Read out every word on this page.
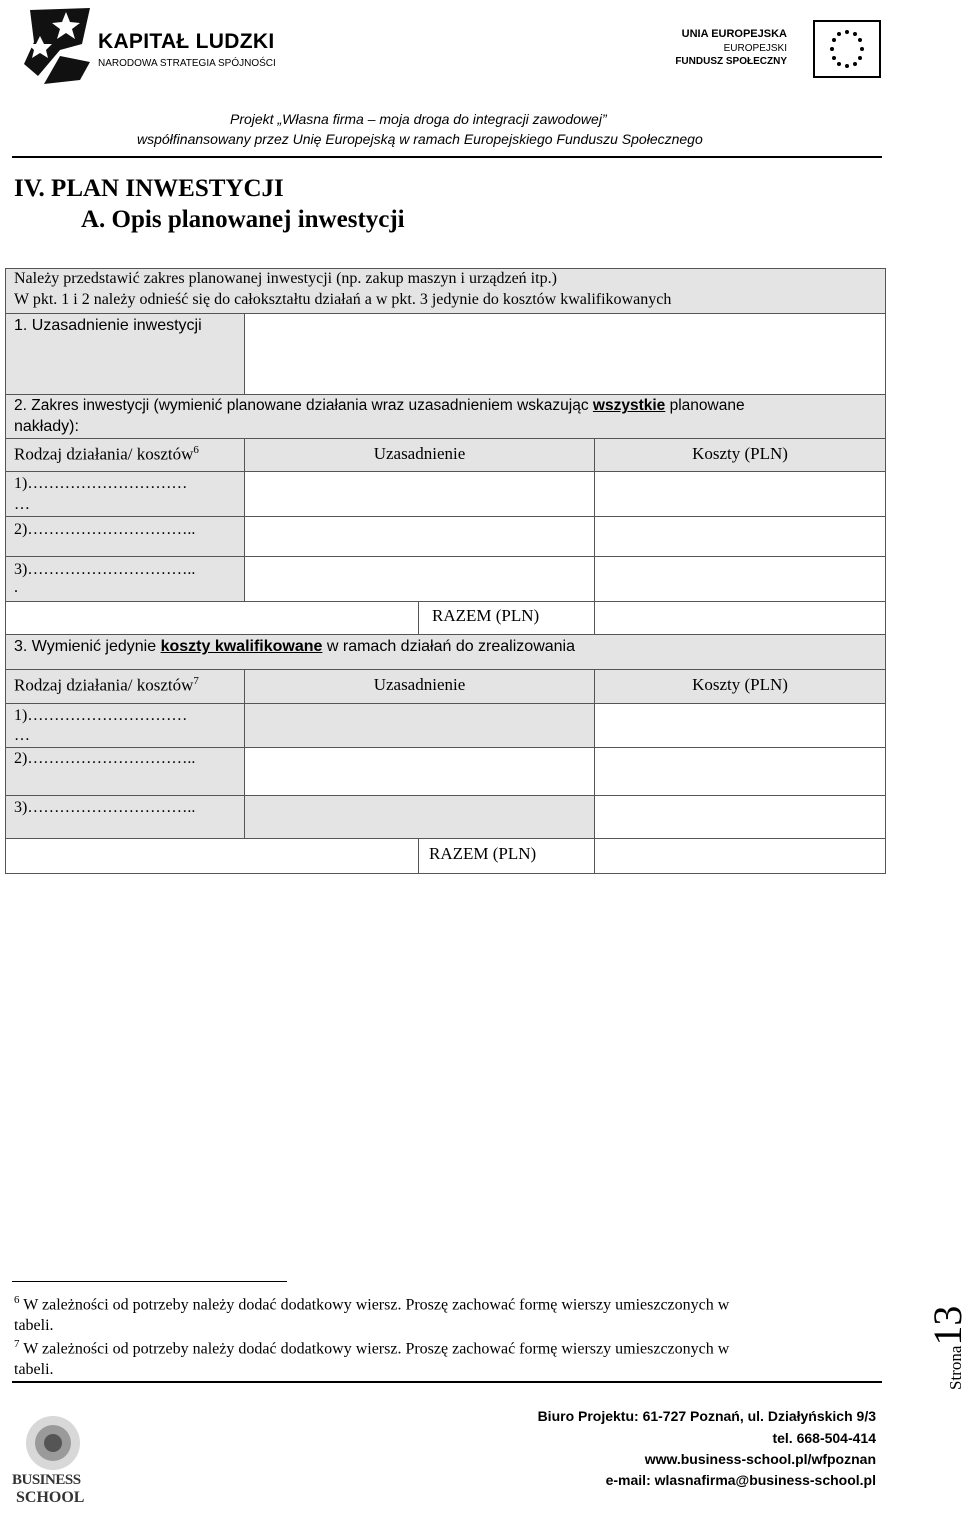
KAPITAŁ LUDZKI
NARODOWA STRATEGIA SPÓJNOŚCI
UNIA EUROPEJSKA
EUROPEJSKI
FUNDUSZ SPOŁECZNY
Projekt „Własna firma – moja droga do integracji zawodowej”
współfinansowany przez Unię Europejską w ramach Europejskiego Funduszu Społecznego
IV. PLAN INWESTYCJI
A. Opis planowanej inwestycji
Należy przedstawić zakres planowanej inwestycji (np. zakup maszyn i urządzeń itp.)
W pkt. 1 i 2 należy odnieść się do całokształtu działań a w pkt. 3 jedynie do kosztów kwalifikowanych
1. Uzasadnienie inwestycji
2. Zakres inwestycji (wymienić planowane działania wraz uzasadnieniem wskazując wszystkie planowane
nakłady):
Rodzaj działania/ kosztów$^6$	Uzasadnienie	Koszty (PLN)
1)…………………………
…
2)…………………………..
3)…………………………..
.
RAZEM (PLN)
3. Wymienić jedynie koszty kwalifikowane w ramach działań do zrealizowania
Rodzaj działania/ kosztów$^7$	Uzasadnienie	Koszty (PLN)
1)…………………………
…
2)…………………………..
3)…………………………..
RAZEM (PLN)
$^6$ W zależności od potrzeby należy dodać dodatkowy wiersz. Proszę zachować formę wierszy umieszczonych w
tabeli.
$^7$ W zależności od potrzeby należy dodać dodatkowy wiersz. Proszę zachować formę wierszy umieszczonych w
tabeli.	Strona13
BUSINESS
SCHOOL
Biuro Projektu: 61-727 Poznań, ul. Działyńskich 9/3
tel. 668-504-414
www.business-school.pl/wfpoznan
e-mail: wlasnafirma@business-school.pl
